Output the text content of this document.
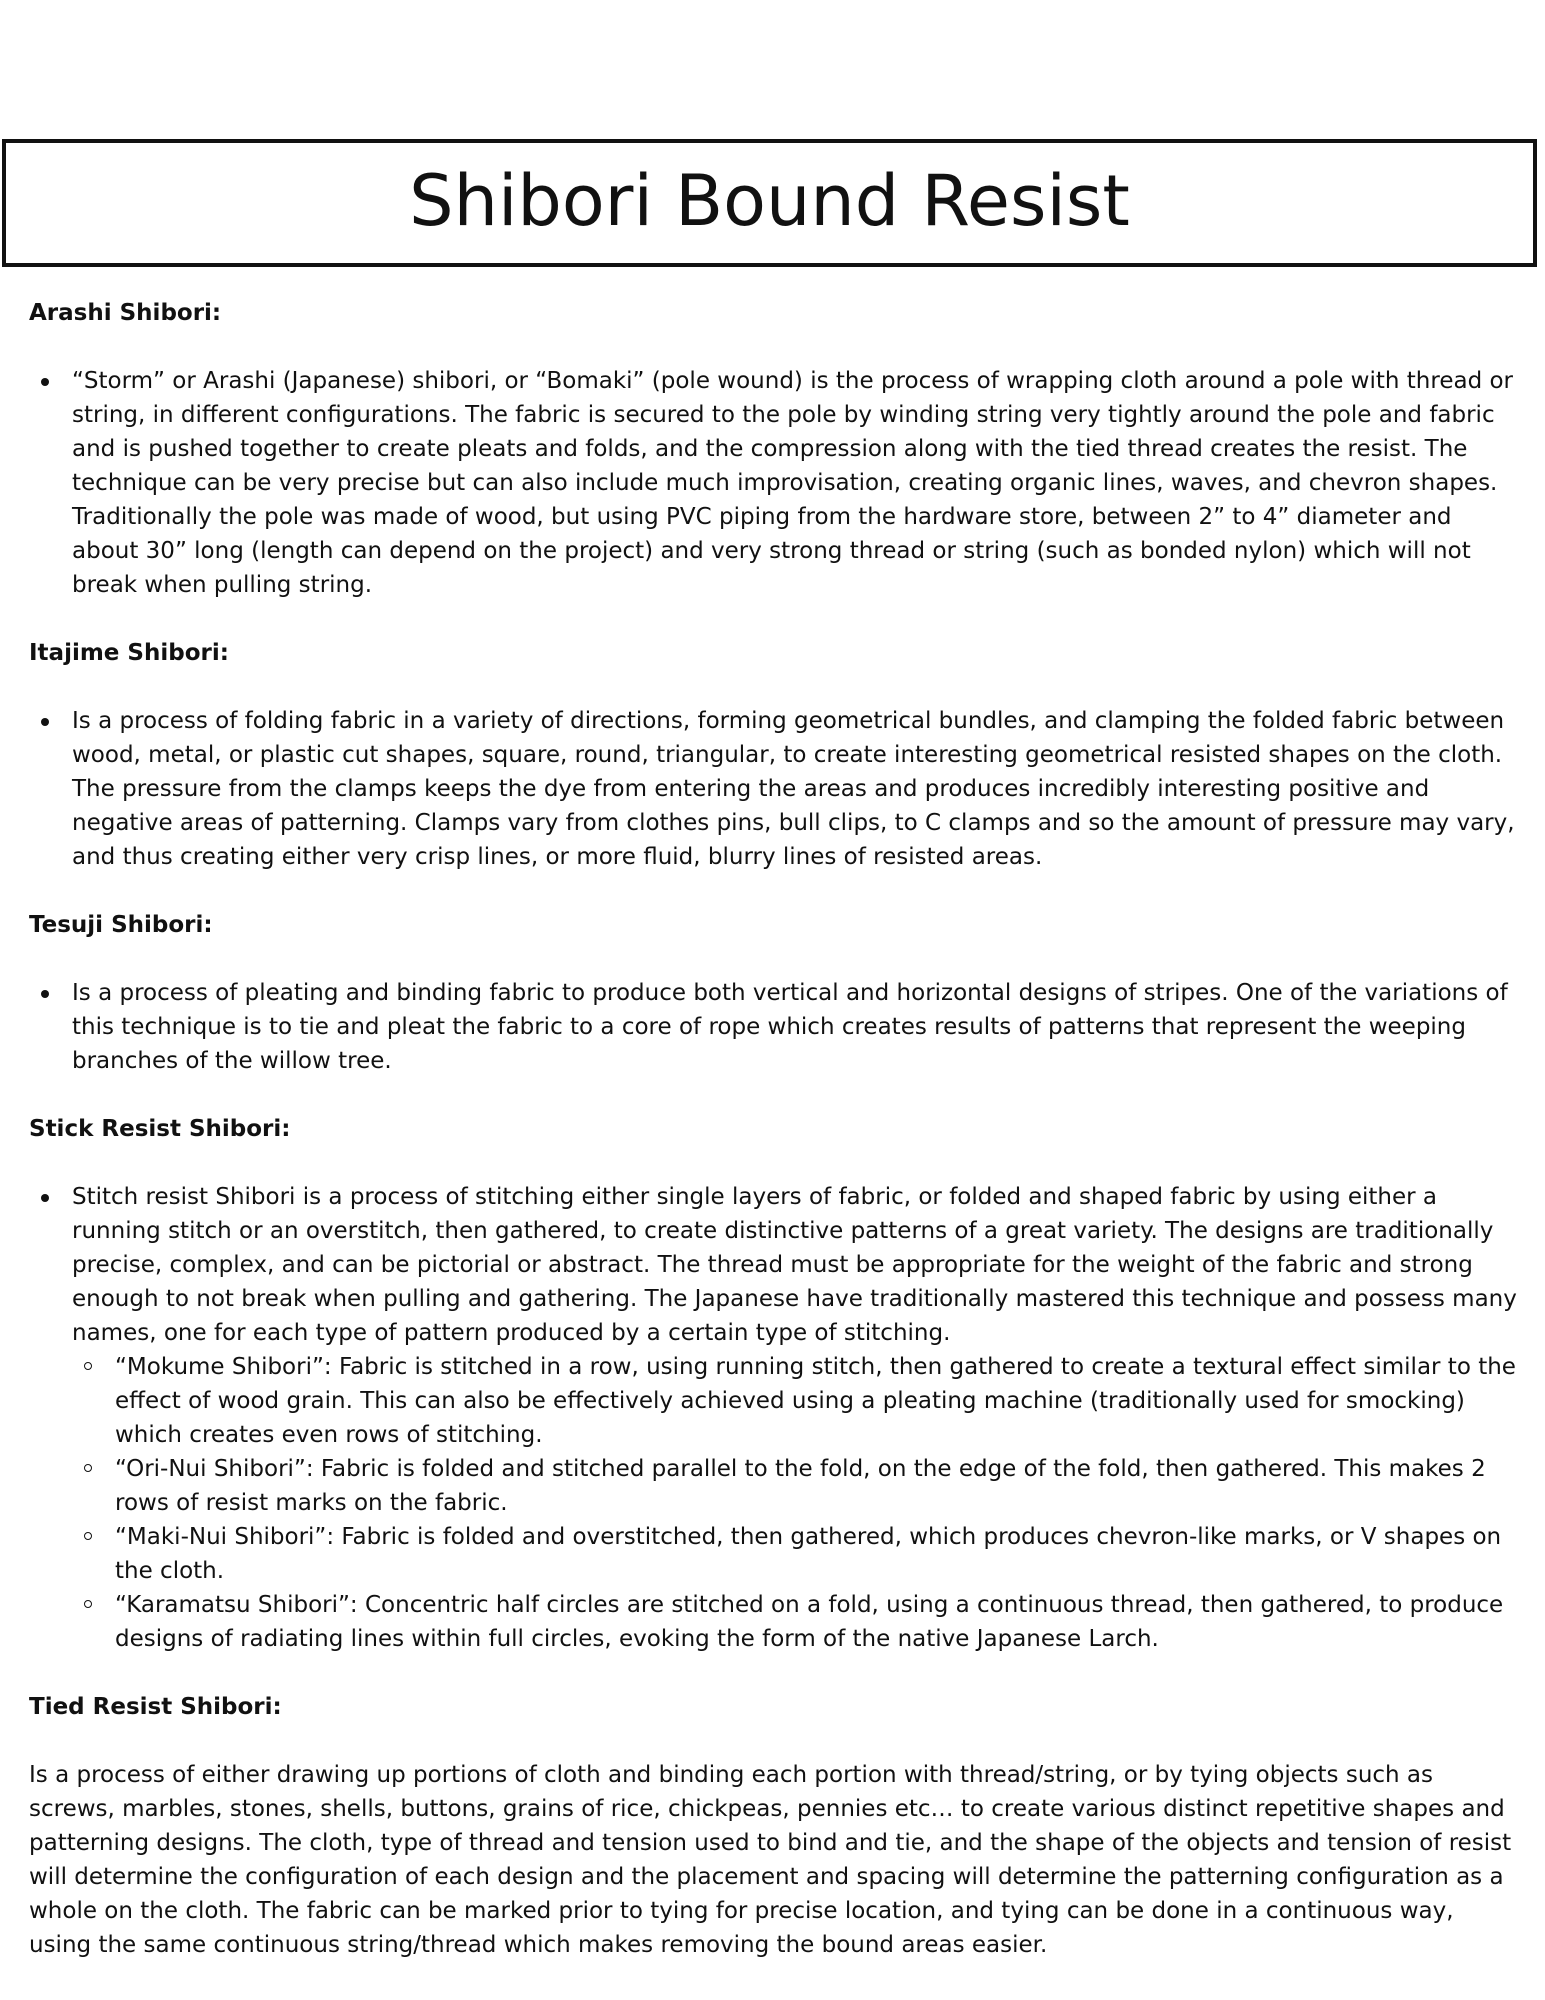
Shibori Bound Resist
Arashi Shibori:
“Storm” or Arashi (Japanese) shibori, or “Bomaki” (pole wound) is the process of wrapping cloth around a pole with thread or string, in different configurations. The fabric is secured to the pole by winding string very tightly around the pole and fabric and is pushed together to create pleats and folds, and the compression along with the tied thread creates the resist. The technique can be very precise but can also include much improvisation, creating organic lines, waves, and chevron shapes. Traditionally the pole was made of wood, but using PVC piping from the hardware store, between 2” to 4” diameter and about 30” long (length can depend on the project) and very strong thread or string (such as bonded nylon) which will not break when pulling string.
Itajime Shibori:
Is a process of folding fabric in a variety of directions, forming geometrical bundles, and clamping the folded fabric between wood, metal, or plastic cut shapes, square, round, triangular, to create interesting geometrical resisted shapes on the cloth. The pressure from the clamps keeps the dye from entering the areas and produces incredibly interesting positive and negative areas of patterning. Clamps vary from clothes pins, bull clips, to C clamps and so the amount of pressure may vary, and thus creating either very crisp lines, or more fluid, blurry lines of resisted areas.
Tesuji Shibori:
Is a process of pleating and binding fabric to produce both vertical and horizontal designs of stripes. One of the variations of this technique is to tie and pleat the fabric to a core of rope which creates results of patterns that represent the weeping branches of the willow tree.
Stick Resist Shibori:
Stitch resist Shibori is a process of stitching either single layers of fabric, or folded and shaped fabric by using either a running stitch or an overstitch, then gathered, to create distinctive patterns of a great variety. The designs are traditionally precise, complex, and can be pictorial or abstract. The thread must be appropriate for the weight of the fabric and strong enough to not break when pulling and gathering. The Japanese have traditionally mastered this technique and possess many names, one for each type of pattern produced by a certain type of stitching.
“Mokume Shibori”: Fabric is stitched in a row, using running stitch, then gathered to create a textural effect similar to the effect of wood grain. This can also be effectively achieved using a pleating machine (traditionally used for smocking) which creates even rows of stitching.
“Ori-Nui Shibori”: Fabric is folded and stitched parallel to the fold, on the edge of the fold, then gathered. This makes 2 rows of resist marks on the fabric.
“Maki-Nui Shibori”: Fabric is folded and overstitched, then gathered, which produces chevron-like marks, or V shapes on the cloth.
“Karamatsu Shibori”: Concentric half circles are stitched on a fold, using a continuous thread, then gathered, to produce designs of radiating lines within full circles, evoking the form of the native Japanese Larch.
Tied Resist Shibori:

Is a process of either drawing up portions of cloth and binding each portion with thread/string, or by tying objects such as screws, marbles, stones, shells, buttons, grains of rice, chickpeas, pennies etc… to create various distinct repetitive shapes and patterning designs. The cloth, type of thread and tension used to bind and tie, and the shape of the objects and tension of resist will determine the configuration of each design and the placement and spacing will determine the patterning configuration as a whole on the cloth. The fabric can be marked prior to tying for precise location, and tying can be done in a continuous way, using the same continuous string/thread which makes removing the bound areas easier.
